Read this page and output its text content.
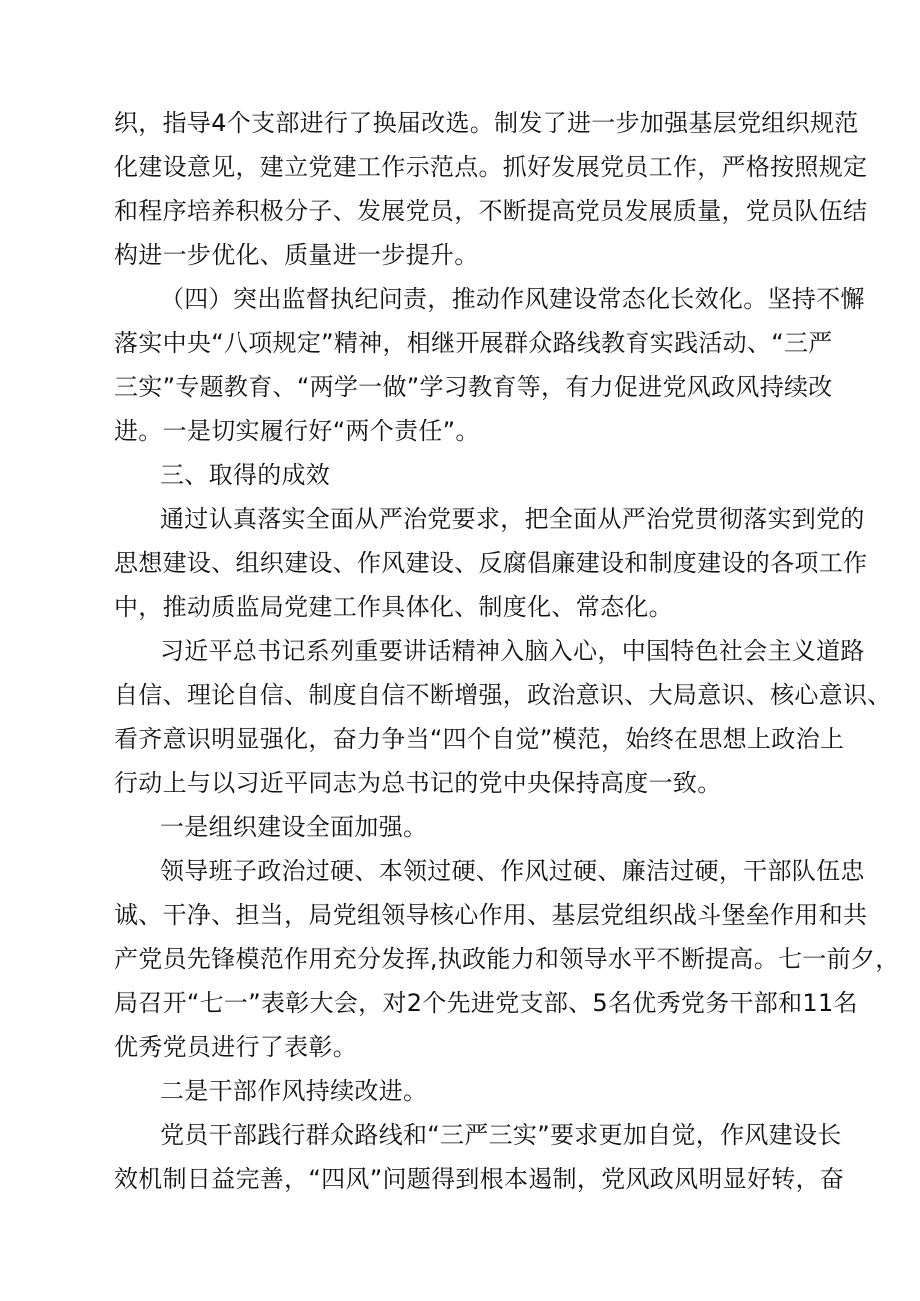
织，指导4个支部进行了换届改选。制发了进一步加强基层党组织规范
化建设意见，建立党建工作示范点。抓好发展党员工作，严格按照规定
和程序培养积极分子、发展党员，不断提高党员发展质量，党员队伍结
构进一步优化、质量进一步提升。
（四）突出监督执纪问责，推动作风建设常态化长效化。坚持不懈
落实中央“八项规定”精神，相继开展群众路线教育实践活动、“三严
三实”专题教育、“两学一做”学习教育等，有力促进党风政风持续改
进。一是切实履行好“两个责任”。
三、取得的成效
通过认真落实全面从严治党要求，把全面从严治党贯彻落实到党的
思想建设、组织建设、作风建设、反腐倡廉建设和制度建设的各项工作
中，推动质监局党建工作具体化、制度化、常态化。
习近平总书记系列重要讲话精神入脑入心，中国特色社会主义道路
自信、理论自信、制度自信不断增强，政治意识、大局意识、核心意识、
看齐意识明显强化，奋力争当“四个自觉”模范，始终在思想上政治上
行动上与以习近平同志为总书记的党中央保持高度一致。
一是组织建设全面加强。
领导班子政治过硬、本领过硬、作风过硬、廉洁过硬，干部队伍忠
诚、干净、担当，局党组领导核心作用、基层党组织战斗堡垒作用和共
产党员先锋模范作用充分发挥,执政能力和领导水平不断提高。七一前夕，
局召开“七一”表彰大会，对2个先进党支部、5名优秀党务干部和11名
优秀党员进行了表彰。
二是干部作风持续改进。
党员干部践行群众路线和“三严三实”要求更加自觉，作风建设长
效机制日益完善，“四风”问题得到根本遏制，党风政风明显好转，奋
